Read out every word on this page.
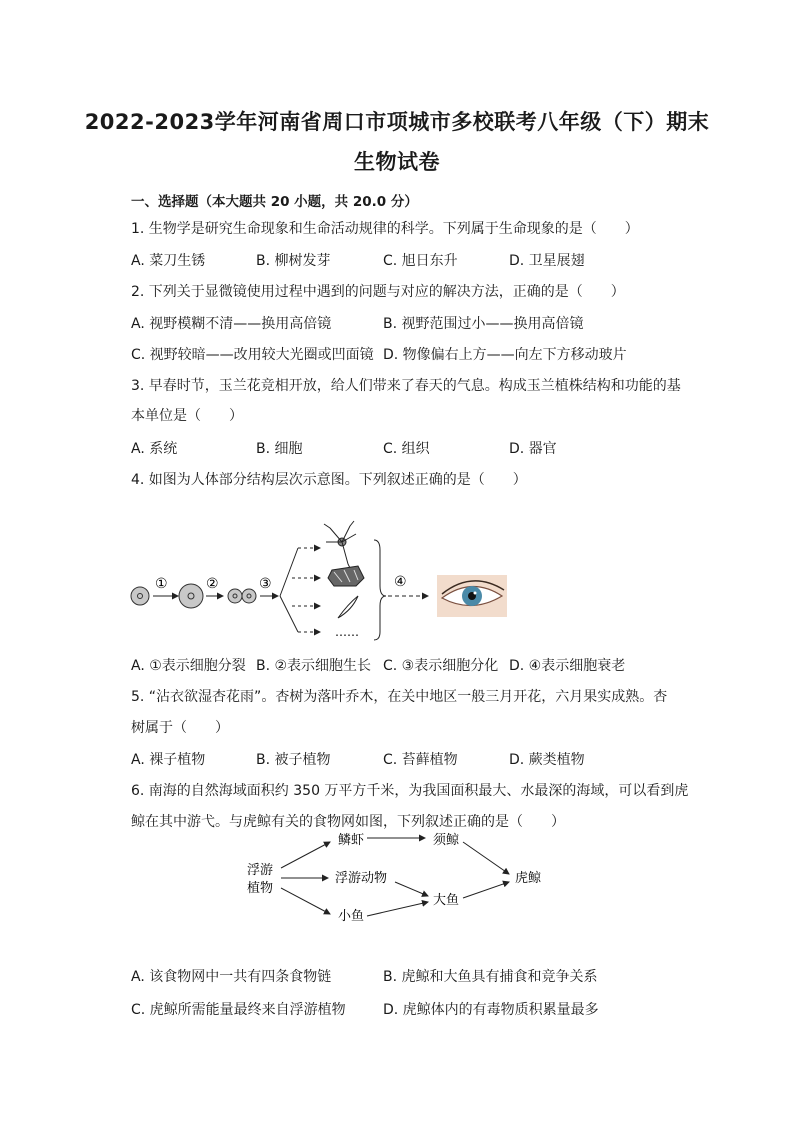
2022-2023学年河南省周口市项城市多校联考八年级（下）期末
生物试卷
一、选择题（本大题共 20 小题，共 20.0 分）
1. 生物学是研究生命现象和生命活动规律的科学。下列属于生命现象的是（　　）
A. 菜刀生锈	B. 柳树发芽	C. 旭日东升	D. 卫星展翅
2. 下列关于显微镜使用过程中遇到的问题与对应的解决方法，正确的是（　　）
A. 视野模糊不清——换用高倍镜	B. 视野范围过小——换用高倍镜
C. 视野较暗——改用较大光圈或凹面镜 D. 物像偏右上方——向左下方移动玻片
3. 早春时节，玉兰花竞相开放，给人们带来了春天的气息。构成玉兰植株结构和功能的基
本单位是（　　）
A. 系统	B. 细胞	C. 组织	D. 器官
4. 如图为人体部分结构层次示意图。下列叙述正确的是（　　）
①	②	③
……
④
A. ①表示细胞分裂 B. ②表示细胞生长 C. ③表示细胞分化 D. ④表示细胞衰老
5. “沾衣欲湿杏花雨”。杏树为落叶乔木，在关中地区一般三月开花，六月果实成熟。杏
树属于（　　）
A. 裸子植物	B. 被子植物	C. 苔藓植物	D. 蕨类植物
6. 南海的自然海域面积约 350 万平方千米，为我国面积最大、水最深的海域，可以看到虎
鲸在其中游弋。与虎鲸有关的食物网如图，下列叙述正确的是（　　）
浮游
植物
鳞虾
浮游动物
小鱼
须鲸
大鱼
虎鲸
A. 该食物网中一共有四条食物链	B. 虎鲸和大鱼具有捕食和竞争关系
C. 虎鲸所需能量最终来自浮游植物	D. 虎鲸体内的有毒物质积累量最多
